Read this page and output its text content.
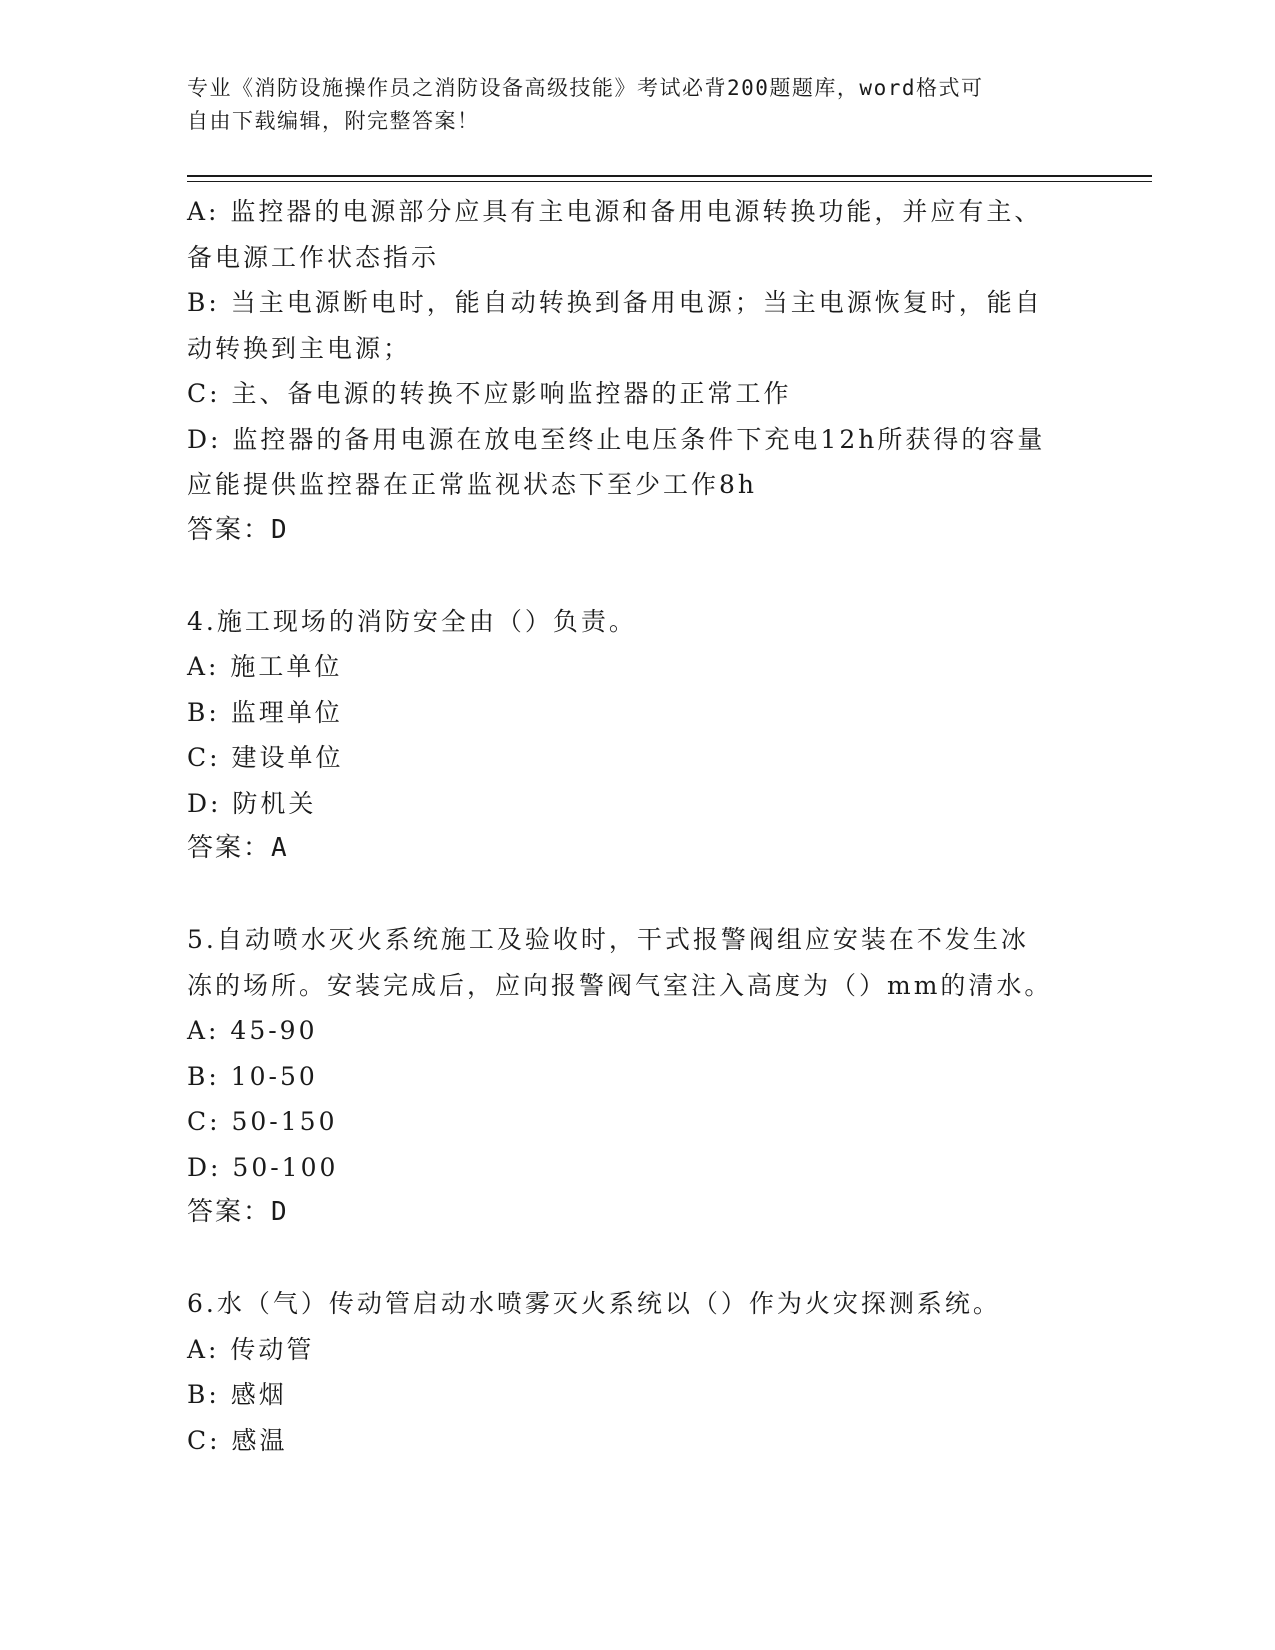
专业《消防设施操作员之消防设备高级技能》考试必背200题题库，word格式可
自由下载编辑，附完整答案！
A: 监控器的电源部分应具有主电源和备用电源转换功能，并应有主、
备电源工作状态指示
B: 当主电源断电时，能自动转换到备用电源；当主电源恢复时，能自
动转换到主电源；
C: 主、备电源的转换不应影响监控器的正常工作
D: 监控器的备用电源在放电至终止电压条件下充电12h所获得的容量
应能提供监控器在正常监视状态下至少工作8h
答案：D
4.施工现场的消防安全由（）负责。
A: 施工单位
B: 监理单位
C: 建设单位
D: 防机关
答案：A
5.自动喷水灭火系统施工及验收时，干式报警阀组应安装在不发生冰
冻的场所。安装完成后，应向报警阀气室注入高度为（）mm的清水。
A: 45-90
B: 10-50
C: 50-150
D: 50-100
答案：D
6.水（气）传动管启动水喷雾灭火系统以（）作为火灾探测系统。
A: 传动管
B: 感烟
C: 感温
